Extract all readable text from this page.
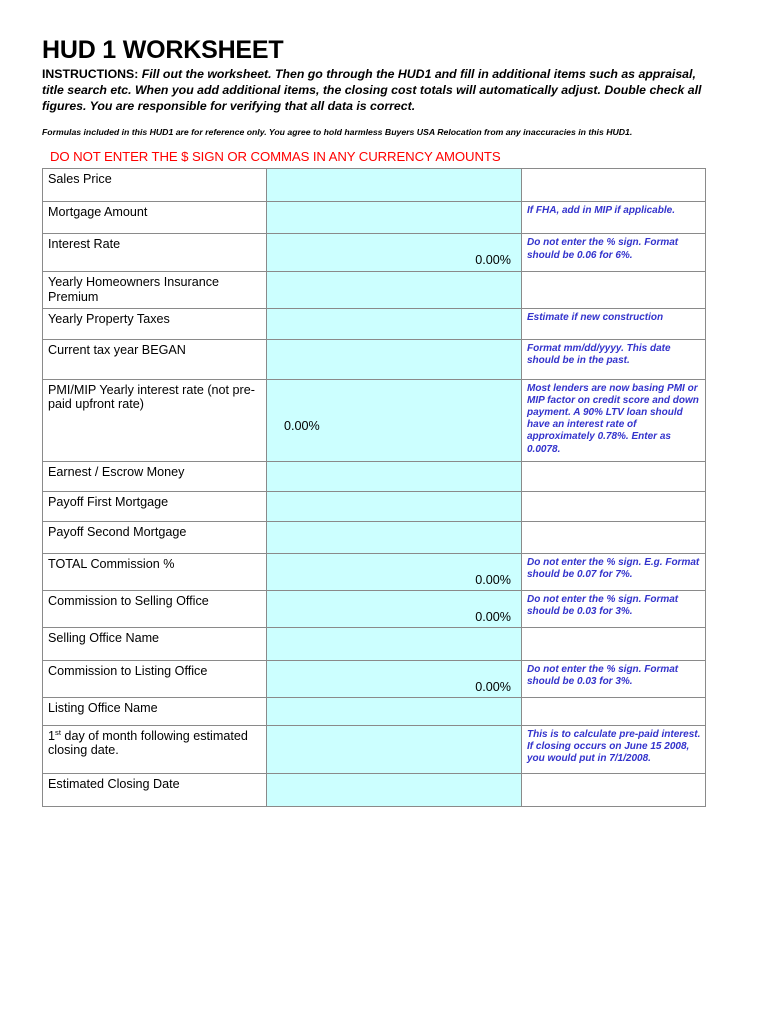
HUD 1 WORKSHEET

INSTRUCTIONS: Fill out the worksheet. Then go through the HUD1 and fill in additional items such as appraisal, title search etc. When you add additional items, the closing cost totals will automatically adjust. Double check all figures. You are responsible for verifying that all data is correct.

Formulas included in this HUD1 are for reference only. You agree to hold harmless Buyers USA Relocation from any inaccuracies in this HUD1.

DO NOT ENTER THE $ SIGN OR COMMAS IN ANY CURRENCY AMOUNTS
Sales Price	

Mortgage Amount		If FHA, add in MIP if applicable.
Interest Rate	0.00%	Do not enter the % sign. Format should be 0.06 for 6%.
Yearly Homeowners Insurance Premium	

Yearly Property Taxes		Estimate if new construction
Current tax year BEGAN		Format mm/dd/yyyy. This date should be in the past.
PMI/MIP Yearly interest rate (not pre-paid upfront rate)	0.00%	Most lenders are now basing PMI or MIP factor on credit score and down payment. A 90% LTV loan should have an interest rate of approximately 0.78%. Enter as 0.0078.
Earnest / Escrow Money	

Payoff First Mortgage	

Payoff Second Mortgage	

TOTAL Commission %	0.00%	Do not enter the % sign. E.g. Format should be 0.07 for 7%.
Commission to Selling Office	0.00%	Do not enter the % sign. Format should be 0.03 for 3%.
Selling Office Name	

Commission to Listing Office	0.00%	Do not enter the % sign. Format should be 0.03 for 3%.
Listing Office Name	

1st day of month following estimated closing date.		This is to calculate pre-paid interest. If closing occurs on June 15 2008, you would put in 7/1/2008.
Estimated Closing Date	
